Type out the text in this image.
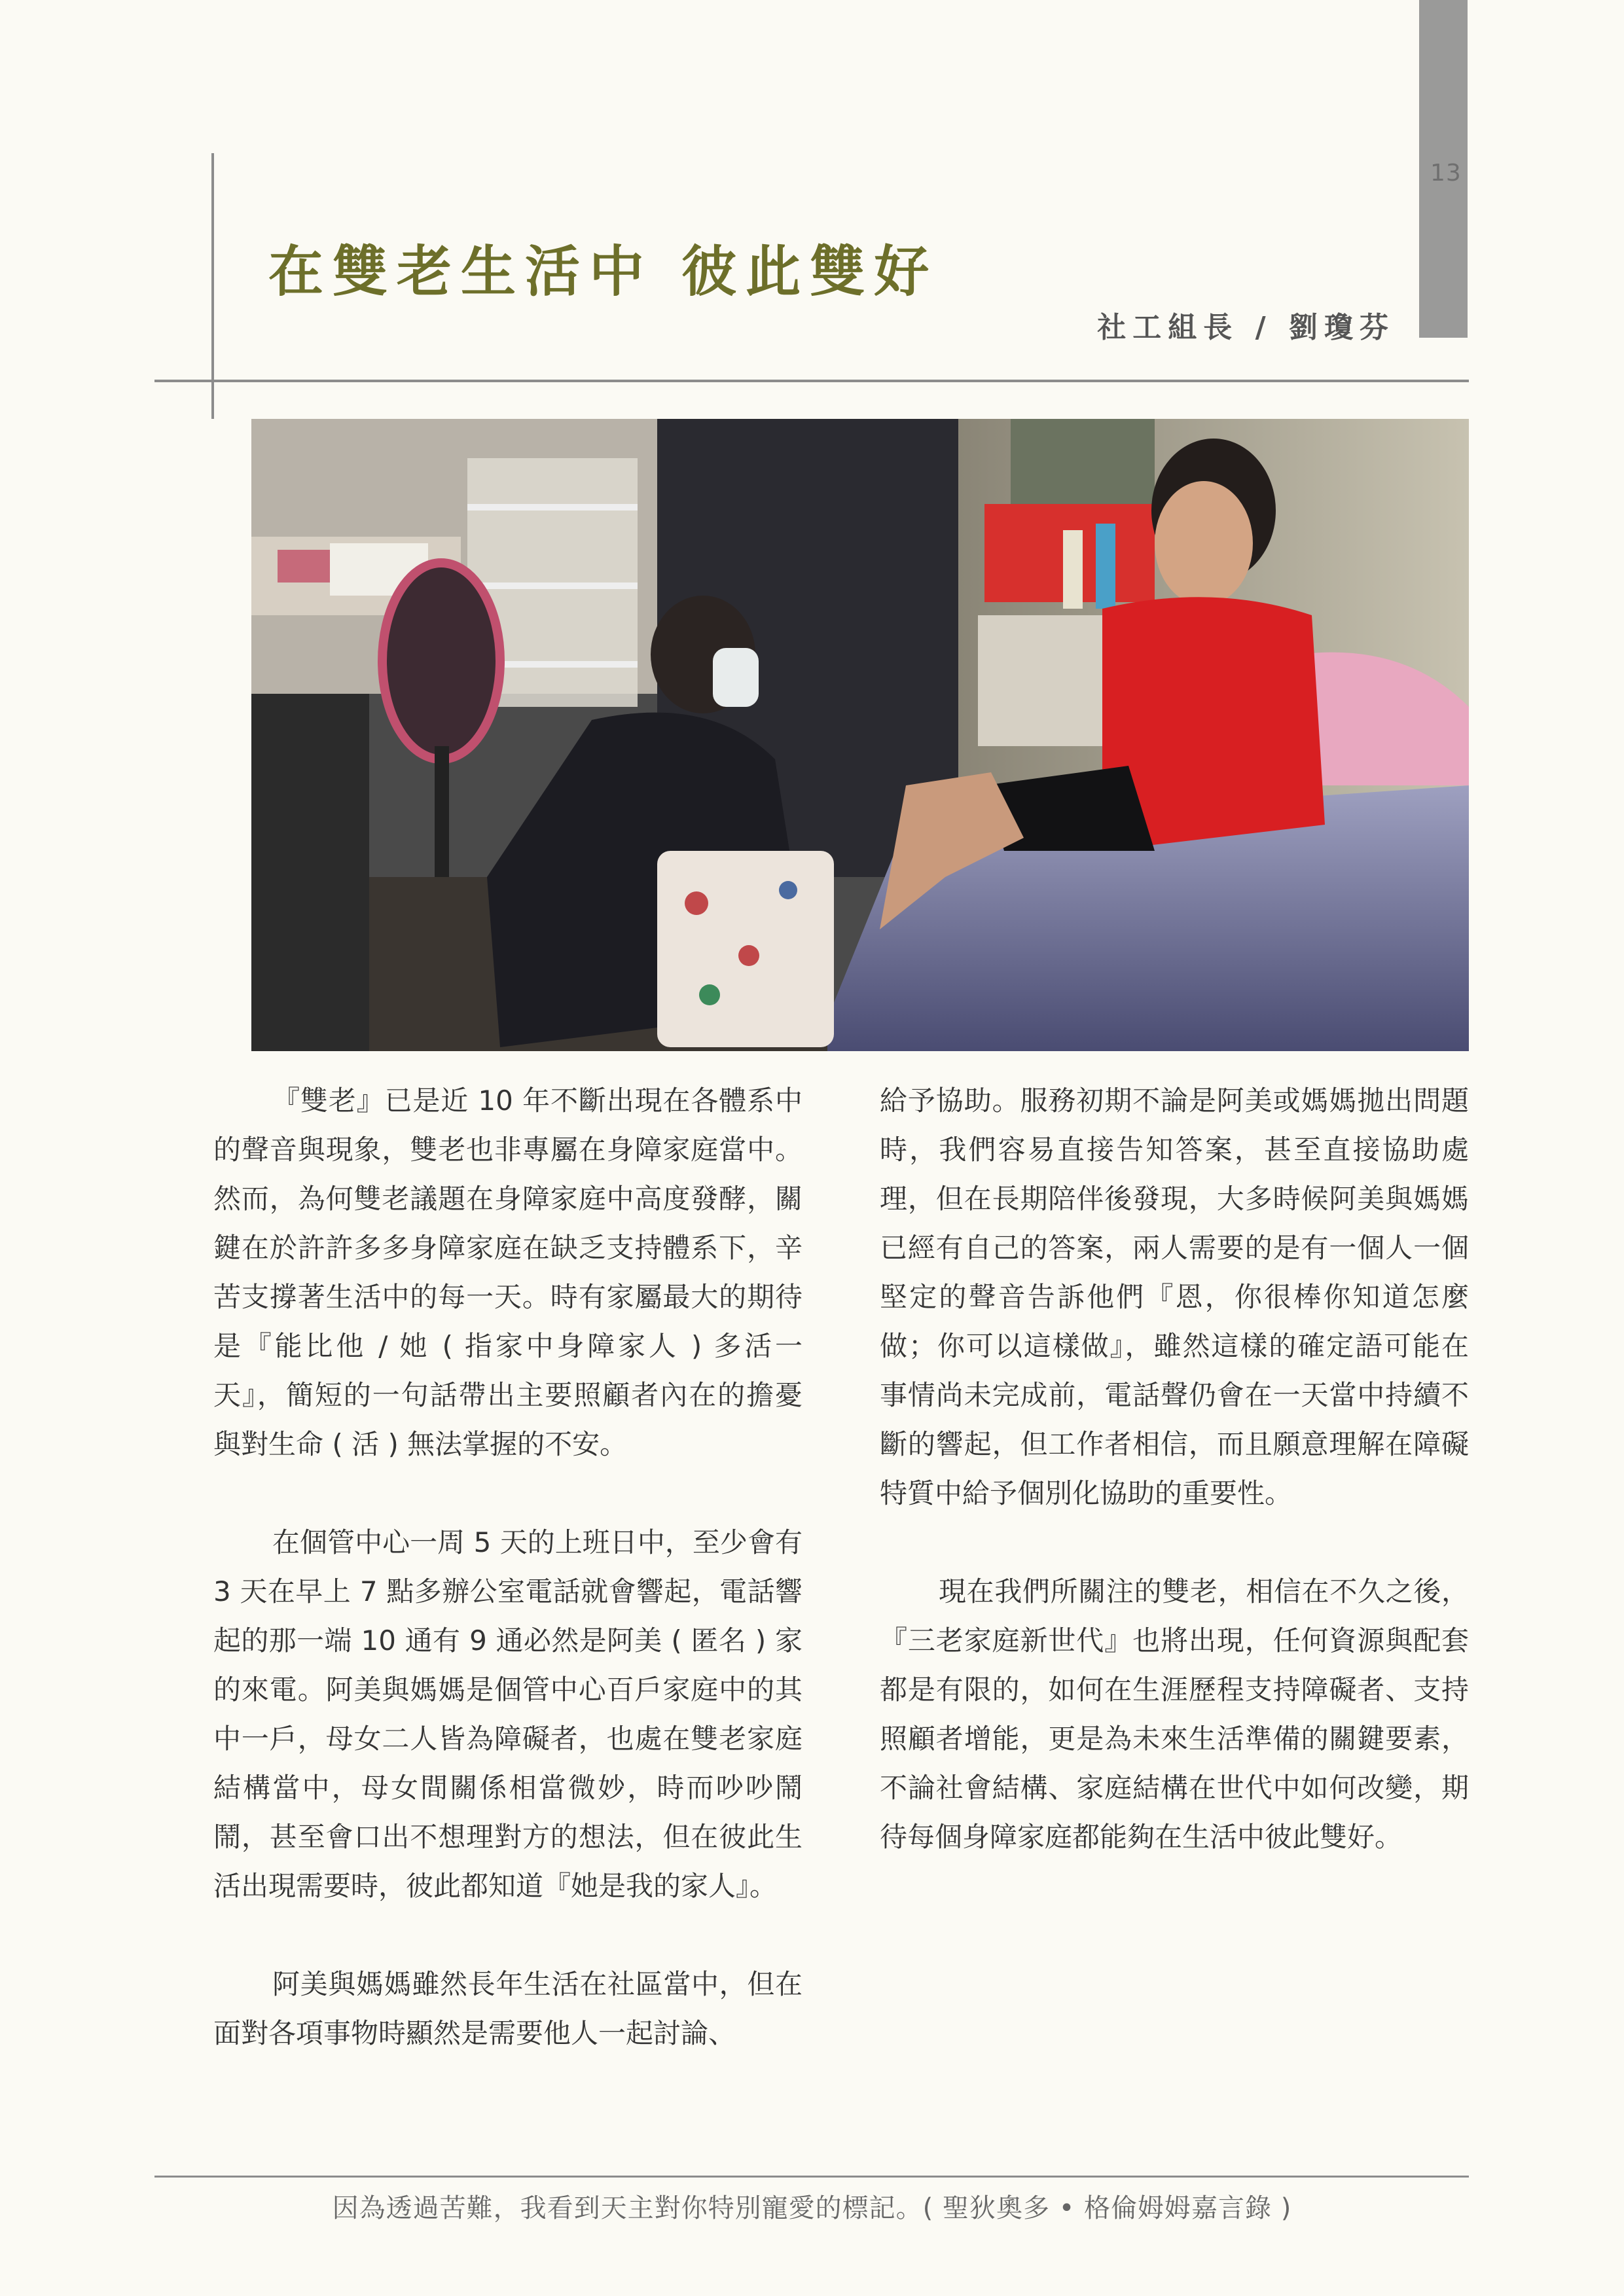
13
在雙老生活中 彼此雙好
社工組長 / 劉瓊芬

『雙老』已是近 10 年不斷出現在各體系中的聲音與現象，雙老也非專屬在身障家庭當中。然而，為何雙老議題在身障家庭中高度發酵，關鍵在於許許多多身障家庭在缺乏支持體系下，辛苦支撐著生活中的每一天。時有家屬最大的期待是『能比他 / 她 ( 指家中身障家人 ) 多活一天』，簡短的一句話帶出主要照顧者內在的擔憂與對生命 ( 活 ) 無法掌握的不安。

在個管中心一周 5 天的上班日中，至少會有 3 天在早上 7 點多辦公室電話就會響起，電話響起的那一端 10 通有 9 通必然是阿美 ( 匿名 ) 家的來電。阿美與媽媽是個管中心百戶家庭中的其中一戶，母女二人皆為障礙者，也處在雙老家庭結構當中，母女間關係相當微妙，時而吵吵鬧鬧，甚至會口出不想理對方的想法，但在彼此生活出現需要時，彼此都知道『她是我的家人』。

阿美與媽媽雖然長年生活在社區當中，但在面對各項事物時顯然是需要他人一起討論、

給予協助。服務初期不論是阿美或媽媽拋出問題時，我們容易直接告知答案，甚至直接協助處理，但在長期陪伴後發現，大多時候阿美與媽媽已經有自己的答案，兩人需要的是有一個人一個堅定的聲音告訴他們『恩，你很棒你知道怎麼做；你可以這樣做』，雖然這樣的確定語可能在事情尚未完成前，電話聲仍會在一天當中持續不斷的響起，但工作者相信，而且願意理解在障礙特質中給予個別化協助的重要性。

現在我們所關注的雙老，相信在不久之後，『三老家庭新世代』也將出現，任何資源與配套都是有限的，如何在生涯歷程支持障礙者、支持照顧者增能，更是為未來生活準備的關鍵要素，不論社會結構、家庭結構在世代中如何改變，期待每個身障家庭都能夠在生活中彼此雙好。

因為透過苦難，我看到天主對你特別寵愛的標記。( 聖狄奧多 • 格倫姆姆嘉言錄 )
